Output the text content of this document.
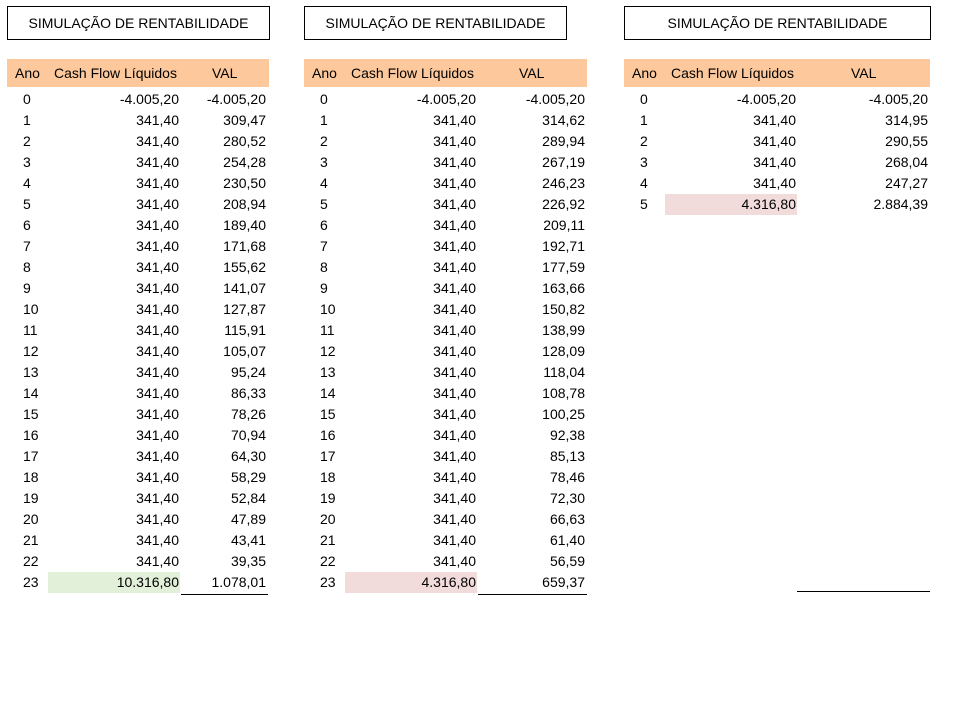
SIMULAÇÃO DE RENTABILIDADE
Ano Cash Flow Líquidos	VAL
0	-4.005,20 -4.005,20
1	341,40	309,47
2	341,40	280,52
3	341,40	254,28
4	341,40	230,50
5	341,40	208,94
6	341,40	189,40
7	341,40	171,68
8	341,40	155,62
9	341,40	141,07
10	341,40	127,87
11	341,40	115,91
12	341,40	105,07
13	341,40	95,24
14	341,40	86,33
15	341,40	78,26
16	341,40	70,94
17	341,40	64,30
18	341,40	58,29
19	341,40	52,84
20	341,40	47,89
21	341,40	43,41
22	341,40	39,35
23	10.316,80 1.078,01
SIMULAÇÃO DE RENTABILIDADE
Ano Cash Flow Líquidos	VAL
0	-4.005,20	-4.005,20
1	341,40	314,62
2	341,40	289,94
3	341,40	267,19
4	341,40	246,23
5	341,40	226,92
6	341,40	209,11
7	341,40	192,71
8	341,40	177,59
9	341,40	163,66
10	341,40	150,82
11	341,40	138,99
12	341,40	128,09
13	341,40	118,04
14	341,40	108,78
15	341,40	100,25
16	341,40	92,38
17	341,40	85,13
18	341,40	78,46
19	341,40	72,30
20	341,40	66,63
21	341,40	61,40
22	341,40	56,59
23	4.316,80	659,37
SIMULAÇÃO DE RENTABILIDADE
Ano Cash Flow Líquidos	VAL
0	-4.005,20	-4.005,20
1	341,40	314,95
2	341,40	290,55
3	341,40	268,04
4	341,40	247,27
5	4.316,80	2.884,39
